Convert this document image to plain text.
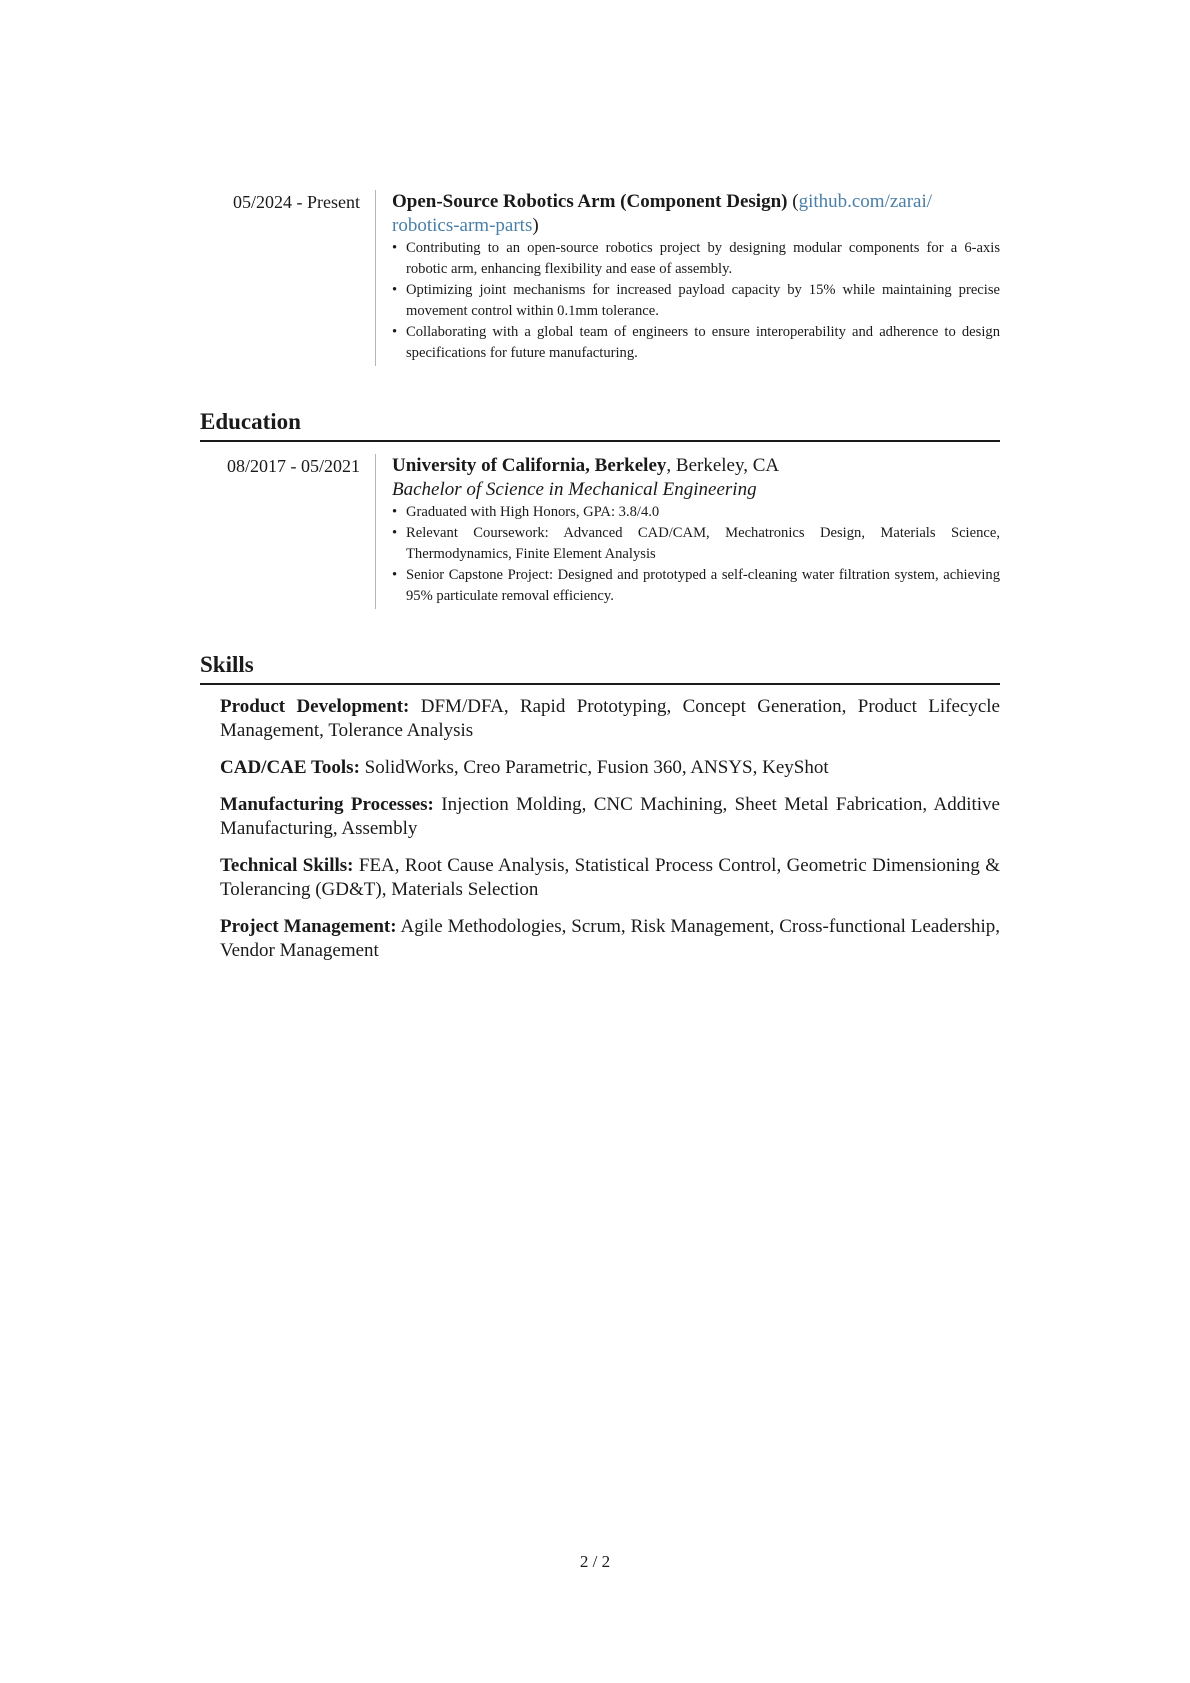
05/2024 - Present	Open-Source Robotics Arm (Component Design) (github.com/zarai/
robotics-arm-parts)
• Contributing to an open-source robotics project by designing modular components for a 6-axis robotic arm, enhancing flexibility and ease of assembly.
• Optimizing joint mechanisms for increased payload capacity by 15% while maintaining precise movement control within 0.1mm tolerance.
• Collaborating with a global team of engineers to ensure interoperability and adherence to design specifications for future manufacturing.
Education
08/2017 - 05/2021	University of California, Berkeley, Berkeley, CA
Bachelor of Science in Mechanical Engineering
• Graduated with High Honors, GPA: 3.8/4.0
• Relevant Coursework: Advanced CAD/CAM, Mechatronics Design, Materials Science, Thermodynamics, Finite Element Analysis
• Senior Capstone Project: Designed and prototyped a self-cleaning water filtration system, achieving 95% particulate removal efficiency.
Skills
Product Development: DFM/DFA, Rapid Prototyping, Concept Generation, Product Lifecycle Management, Tolerance Analysis
CAD/CAE Tools: SolidWorks, Creo Parametric, Fusion 360, ANSYS, KeyShot
Manufacturing Processes: Injection Molding, CNC Machining, Sheet Metal Fabrication, Additive Manufacturing, Assembly
Technical Skills: FEA, Root Cause Analysis, Statistical Process Control, Geometric Dimensioning & Tolerancing (GD&T), Materials Selection
Project Management: Agile Methodologies, Scrum, Risk Management, Cross-functional Leadership, Vendor Management
2 / 2
